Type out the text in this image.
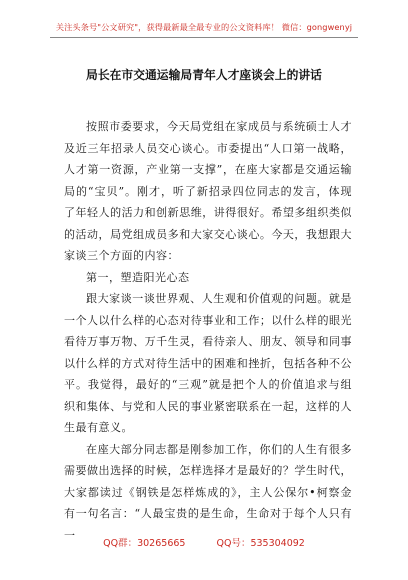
关注头条号"公文研究"，获得最新最全最专业的公文资料库！ 微信：gongwenyj
局长在市交通运输局青年人才座谈会上的讲话

按照市委要求，今天局党组在家成员与系统硕士人才及近三年招录人员交心谈心。市委提出“人口第一战略，人才第一资源，产业第一支撑”，在座大家都是交通运输局的“宝贝”。刚才，听了新招录四位同志的发言，体现了年轻人的活力和创新思维，讲得很好。希望多组织类似的活动，局党组成员多和大家交心谈心。今天，我想跟大家谈三个方面的内容：

第一，塑造阳光心态

跟大家谈一谈世界观、人生观和价值观的问题。就是一个人以什么样的心态对待事业和工作；以什么样的眼光看待万事万物、万千生灵，看待亲人、朋友、领导和同事以什么样的方式对待生活中的困难和挫折，包括各种不公平。我觉得，最好的“三观”就是把个人的价值追求与组织和集体、与党和人民的事业紧密联系在一起，这样的人生最有意义。

在座大部分同志都是刚参加工作，你们的人生有很多需要做出选择的时候，怎样选择才是最好的？学生时代，大家都读过《钢铁是怎样炼成的》，主人公保尔•柯察金有一句名言：“人最宝贵的是生命，生命对于每个人只有一

QQ群：30265665	QQ号：535304092
